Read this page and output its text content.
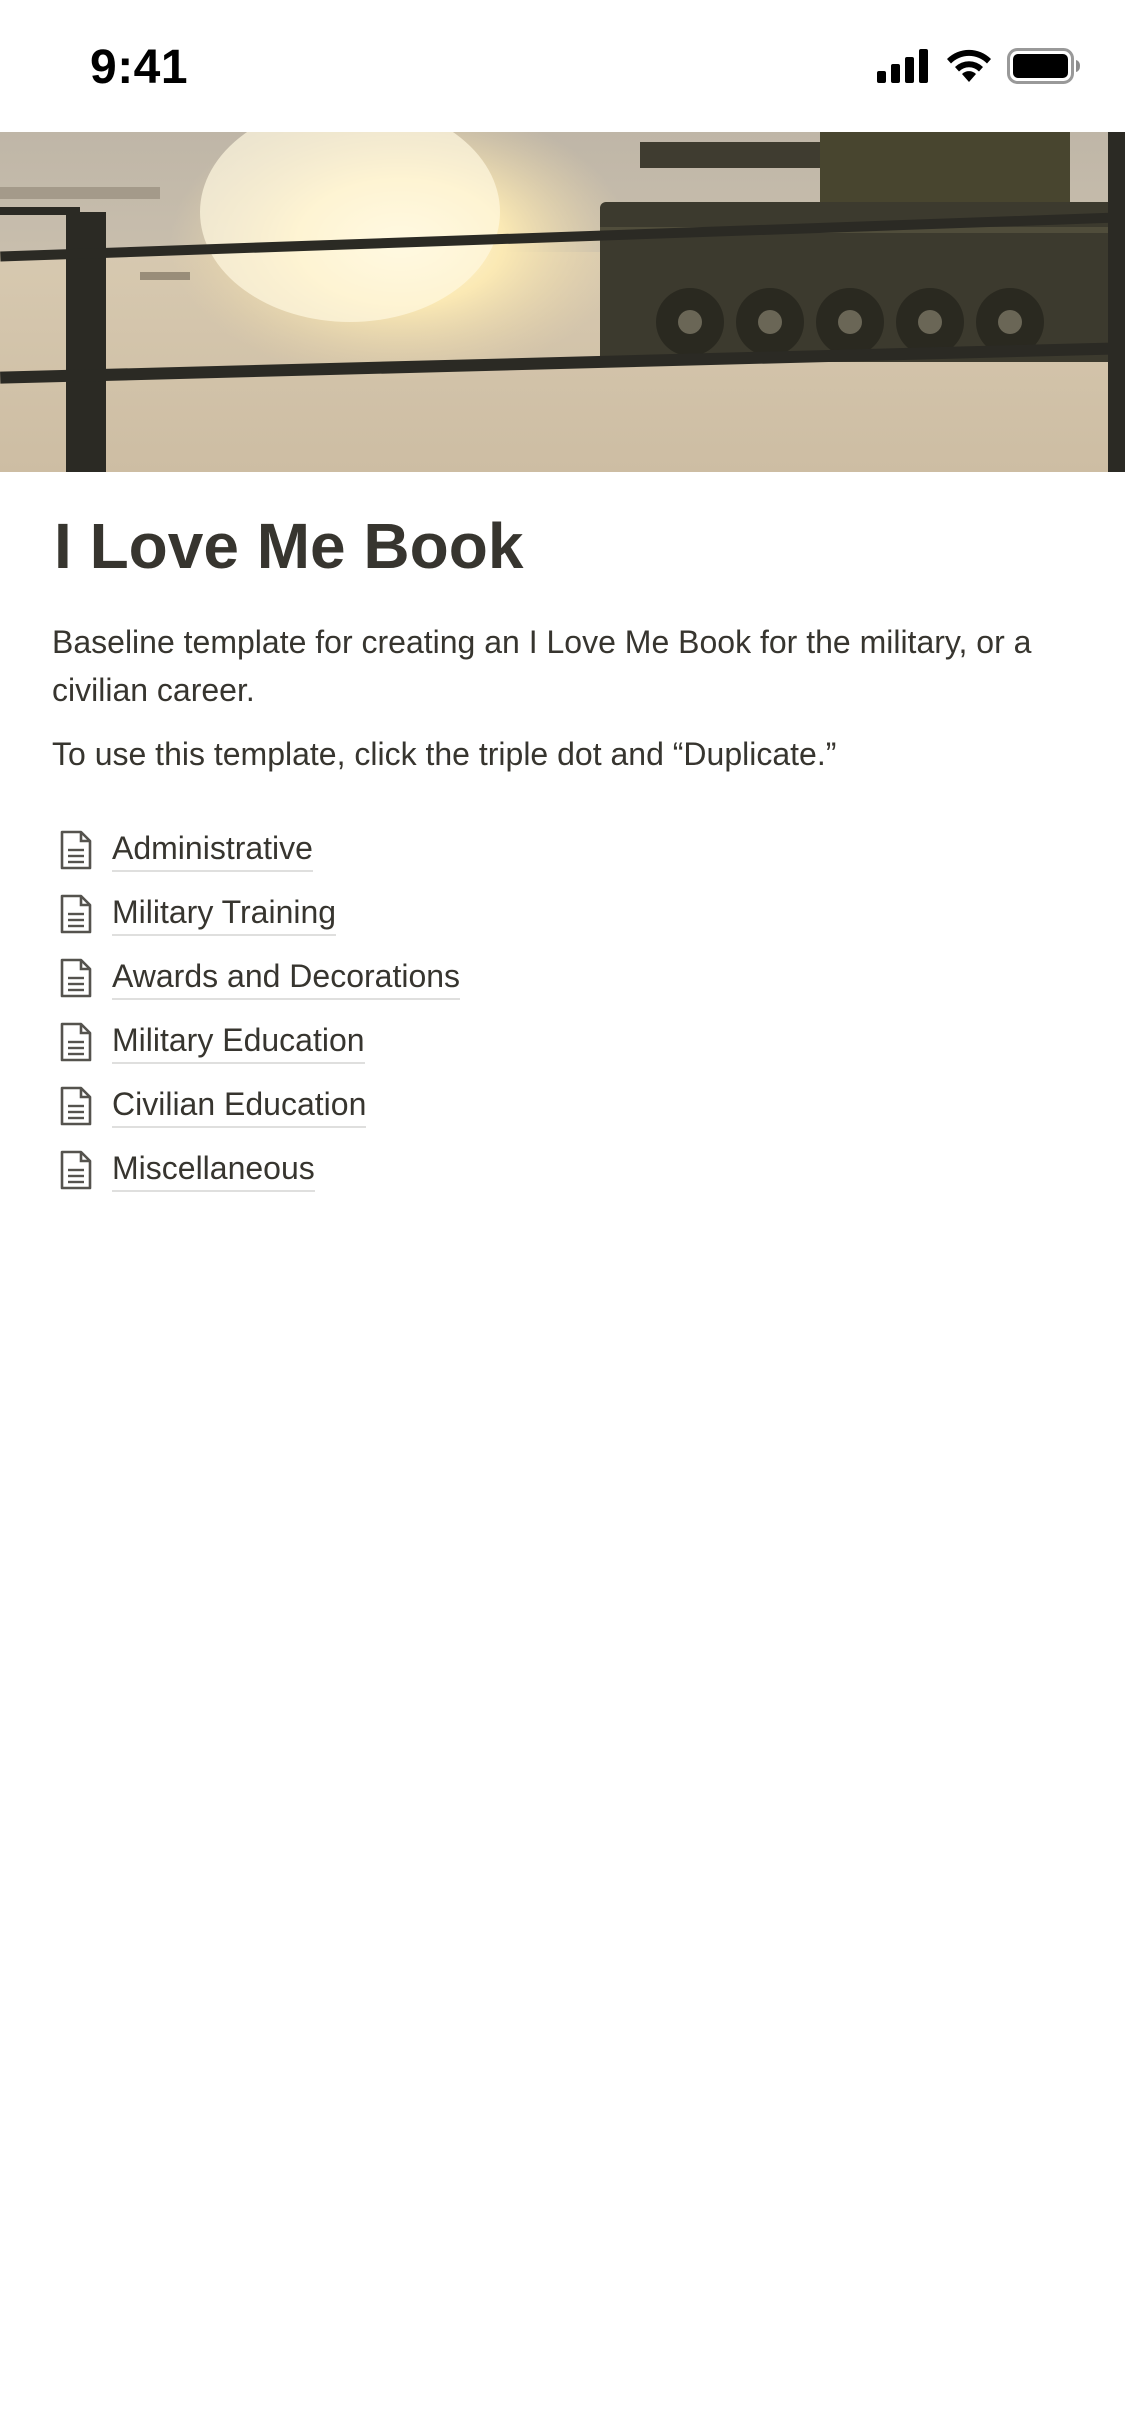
9:41
I Love Me Book

Baseline template for creating an I Love Me Book for the military, or a civilian career.

To use this template, click the triple dot and “Duplicate.”

Administrative
Military Training
Awards and Decorations
Military Education
Civilian Education
Miscellaneous
